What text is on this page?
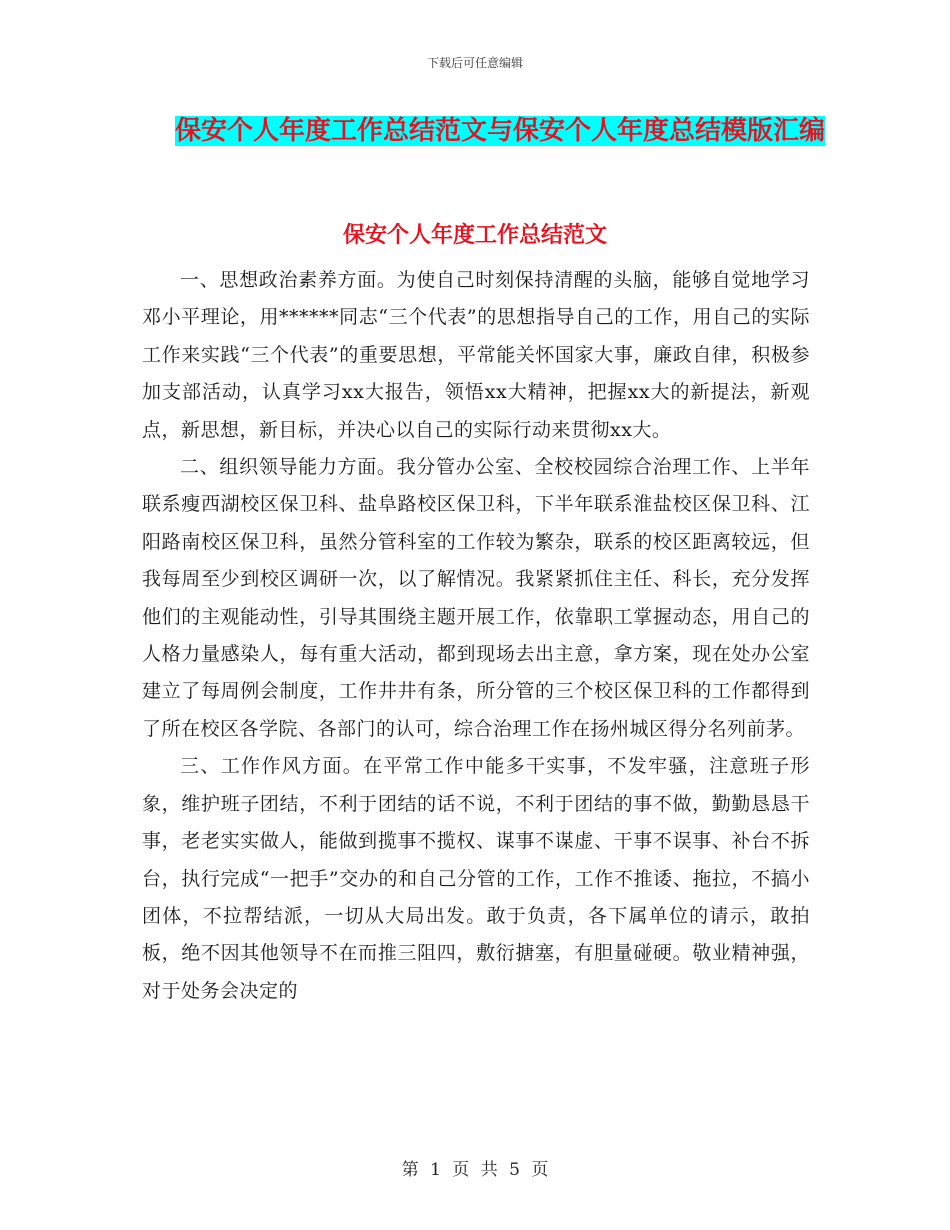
下载后可任意编辑
保安个人年度工作总结范文与保安个人年度总结模版汇编
保安个人年度工作总结范文

一、思想政治素养方面。为使自己时刻保持清醒的头脑，能够自觉地学习邓小平理论，用******同志“三个代表”的思想指导自己的工作，用自己的实际工作来实践“三个代表”的重要思想，平常能关怀国家大事，廉政自律，积极参加支部活动，认真学习xx大报告，领悟xx大精神，把握xx大的新提法，新观点，新思想，新目标，并决心以自己的实际行动来贯彻xx大。

二、组织领导能力方面。我分管办公室、全校校园综合治理工作、上半年联系瘦西湖校区保卫科、盐阜路校区保卫科，下半年联系淮盐校区保卫科、江阳路南校区保卫科，虽然分管科室的工作较为繁杂，联系的校区距离较远，但我每周至少到校区调研一次，以了解情况。我紧紧抓住主任、科长，充分发挥他们的主观能动性，引导其围绕主题开展工作，依靠职工掌握动态，用自己的人格力量感染人，每有重大活动，都到现场去出主意，拿方案，现在处办公室建立了每周例会制度，工作井井有条，所分管的三个校区保卫科的工作都得到了所在校区各学院、各部门的认可，综合治理工作在扬州城区得分名列前茅。

三、工作作风方面。在平常工作中能多干实事，不发牢骚，注意班子形象，维护班子团结，不利于团结的话不说，不利于团结的事不做，勤勤恳恳干事，老老实实做人，能做到揽事不揽权、谋事不谋虚、干事不误事、补台不拆台，执行完成“一把手”交办的和自己分管的工作，工作不推诿、拖拉，不搞小团体，不拉帮结派，一切从大局出发。敢于负责，各下属单位的请示，敢拍板，绝不因其他领导不在而推三阻四，敷衍搪塞，有胆量碰硬。敬业精神强，对于处务会决定的

第 1 页 共 5 页
